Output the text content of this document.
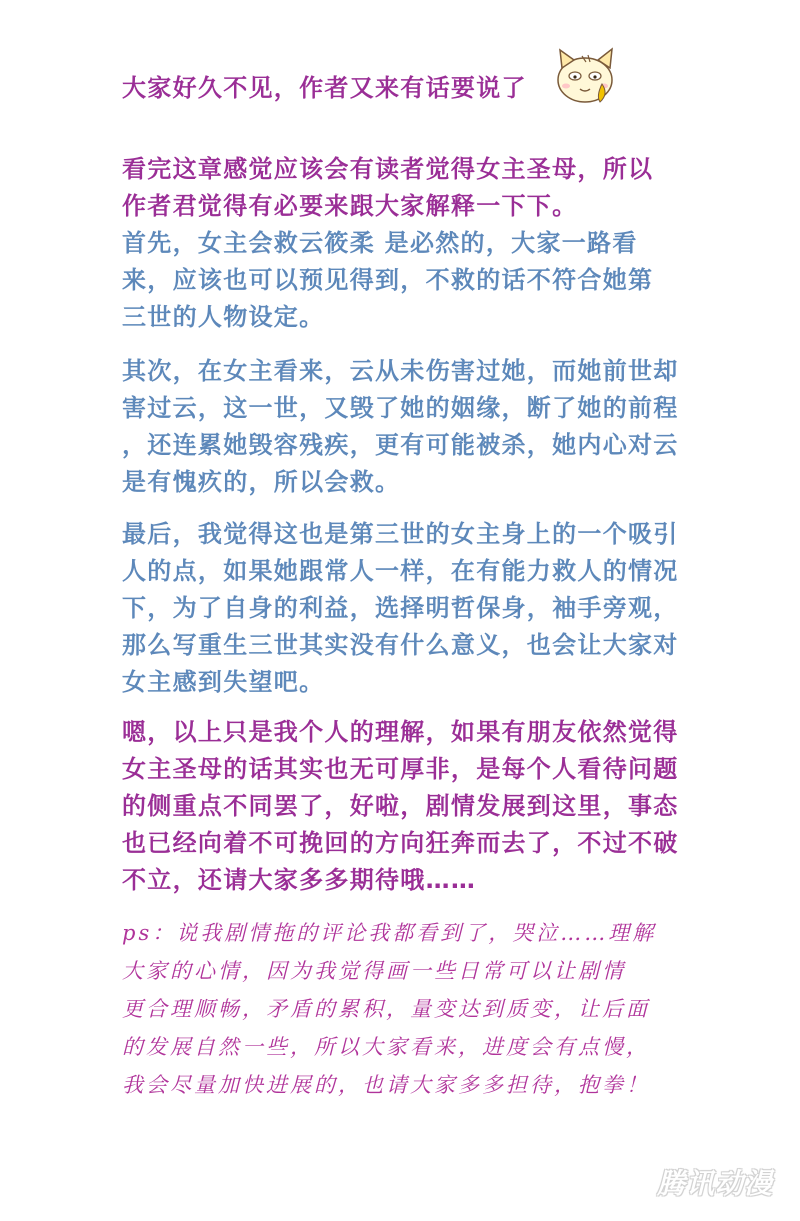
大家好久不见，作者又来有话要说了
看完这章感觉应该会有读者觉得女主圣母，所以
作者君觉得有必要来跟大家解释一下下。
首先，女主会救云筱柔 是必然的，大家一路看
来，应该也可以预见得到，不救的话不符合她第
三世的人物设定。
其次，在女主看来，云从未伤害过她，而她前世却
害过云，这一世，又毁了她的姻缘，断了她的前程
，还连累她毁容残疾，更有可能被杀，她内心对云
是有愧疚的，所以会救。
最后，我觉得这也是第三世的女主身上的一个吸引
人的点，如果她跟常人一样，在有能力救人的情况
下，为了自身的利益，选择明哲保身，袖手旁观，
那么写重生三世其实没有什么意义，也会让大家对
女主感到失望吧。
嗯，以上只是我个人的理解，如果有朋友依然觉得
女主圣母的话其实也无可厚非，是每个人看待问题
的侧重点不同罢了，好啦，剧情发展到这里，事态
也已经向着不可挽回的方向狂奔而去了，不过不破
不立，还请大家多多期待哦……
ps：说我剧情拖的评论我都看到了，哭泣……理解
大家的心情，因为我觉得画一些日常可以让剧情
更合理顺畅，矛盾的累积，量变达到质变，让后面
的发展自然一些，所以大家看来，进度会有点慢，
我会尽量加快进展的，也请大家多多担待，抱拳！
腾讯动漫
